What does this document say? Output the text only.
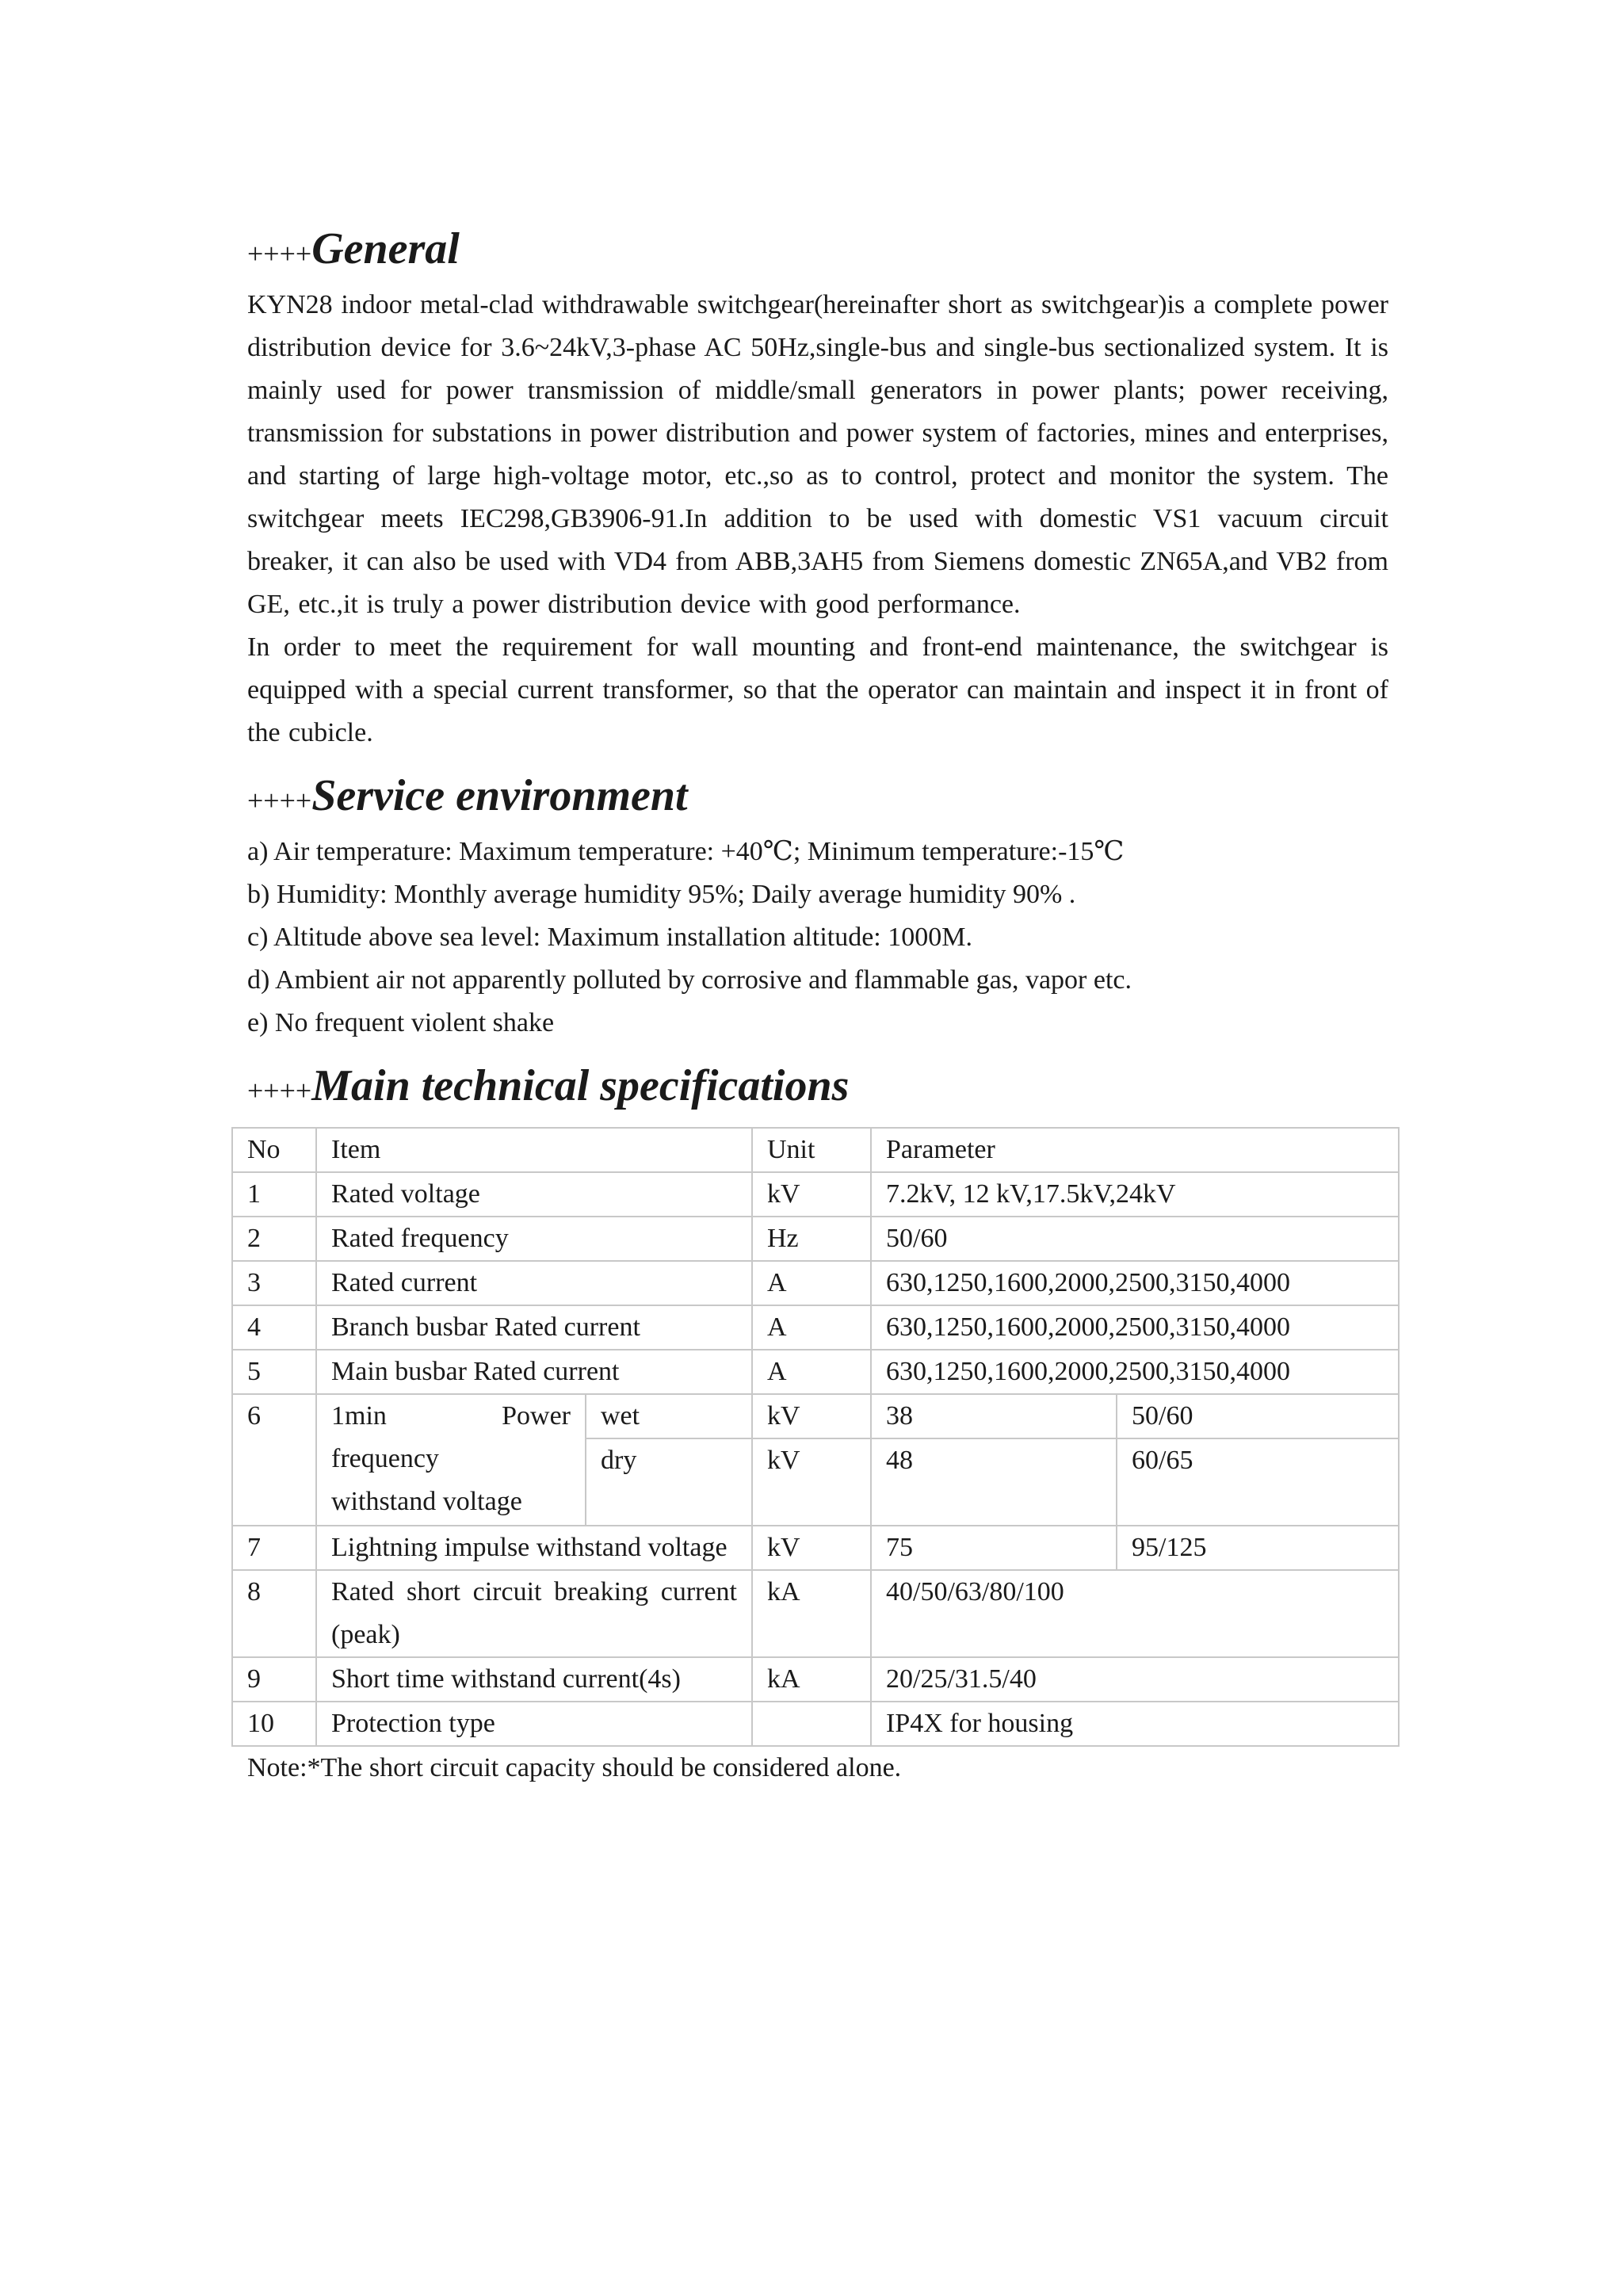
++++General

KYN28 indoor metal-clad withdrawable switchgear(hereinafter short as switchgear)is a complete power distribution device for 3.6~24kV,3-phase AC 50Hz,single-bus and single-bus sectionalized system. It is mainly used for power transmission of middle/small generators in power plants; power receiving, transmission for substations in power distribution and power system of factories, mines and enterprises, and starting of large high-voltage motor, etc.,so as to control, protect and monitor the system. The switchgear meets IEC298,GB3906-91.In addition to be used with domestic VS1 vacuum circuit breaker, it can also be used with VD4 from ABB,3AH5 from Siemens domestic ZN65A,and VB2 from GE, etc.,it is truly a power distribution device with good performance.

In order to meet the requirement for wall mounting and front-end maintenance, the switchgear is equipped with a special current transformer, so that the operator can maintain and inspect it in front of the cubicle.

++++Service environment

a) Air temperature: Maximum temperature: +40℃; Minimum temperature:-15℃

b) Humidity: Monthly average humidity 95%; Daily average humidity 90% .

c) Altitude above sea level: Maximum installation altitude: 1000M.

d) Ambient air not apparently polluted by corrosive and flammable gas, vapor etc.

e) No frequent violent shake

++++Main technical specifications
No	Item		Unit	Parameter	
1	Rated voltage		kV	7.2kV, 12 kV,17.5kV,24kV	
2	Rated frequency		Hz	50/60	
3	Rated current		A	630,1250,1600,2000,2500,3150,4000	
4	Branch busbar Rated current		A	630,1250,1600,2000,2500,3150,4000	
5	Main busbar Rated current		A	630,1250,1600,2000,2500,3150,4000	
6	1min Power
frequency
withstand voltage	wet	kV	38	50/60
		dry	kV	48	60/65
7	Lightning impulse withstand voltage		kV	75	95/125
8	Rated short circuit breaking current
(peak)		kA	40/50/63/80/100	
9	Short time withstand current(4s)		kA	20/25/31.5/40	
10	Protection type			IP4X for housing	

Note:*The short circuit capacity should be considered alone.
